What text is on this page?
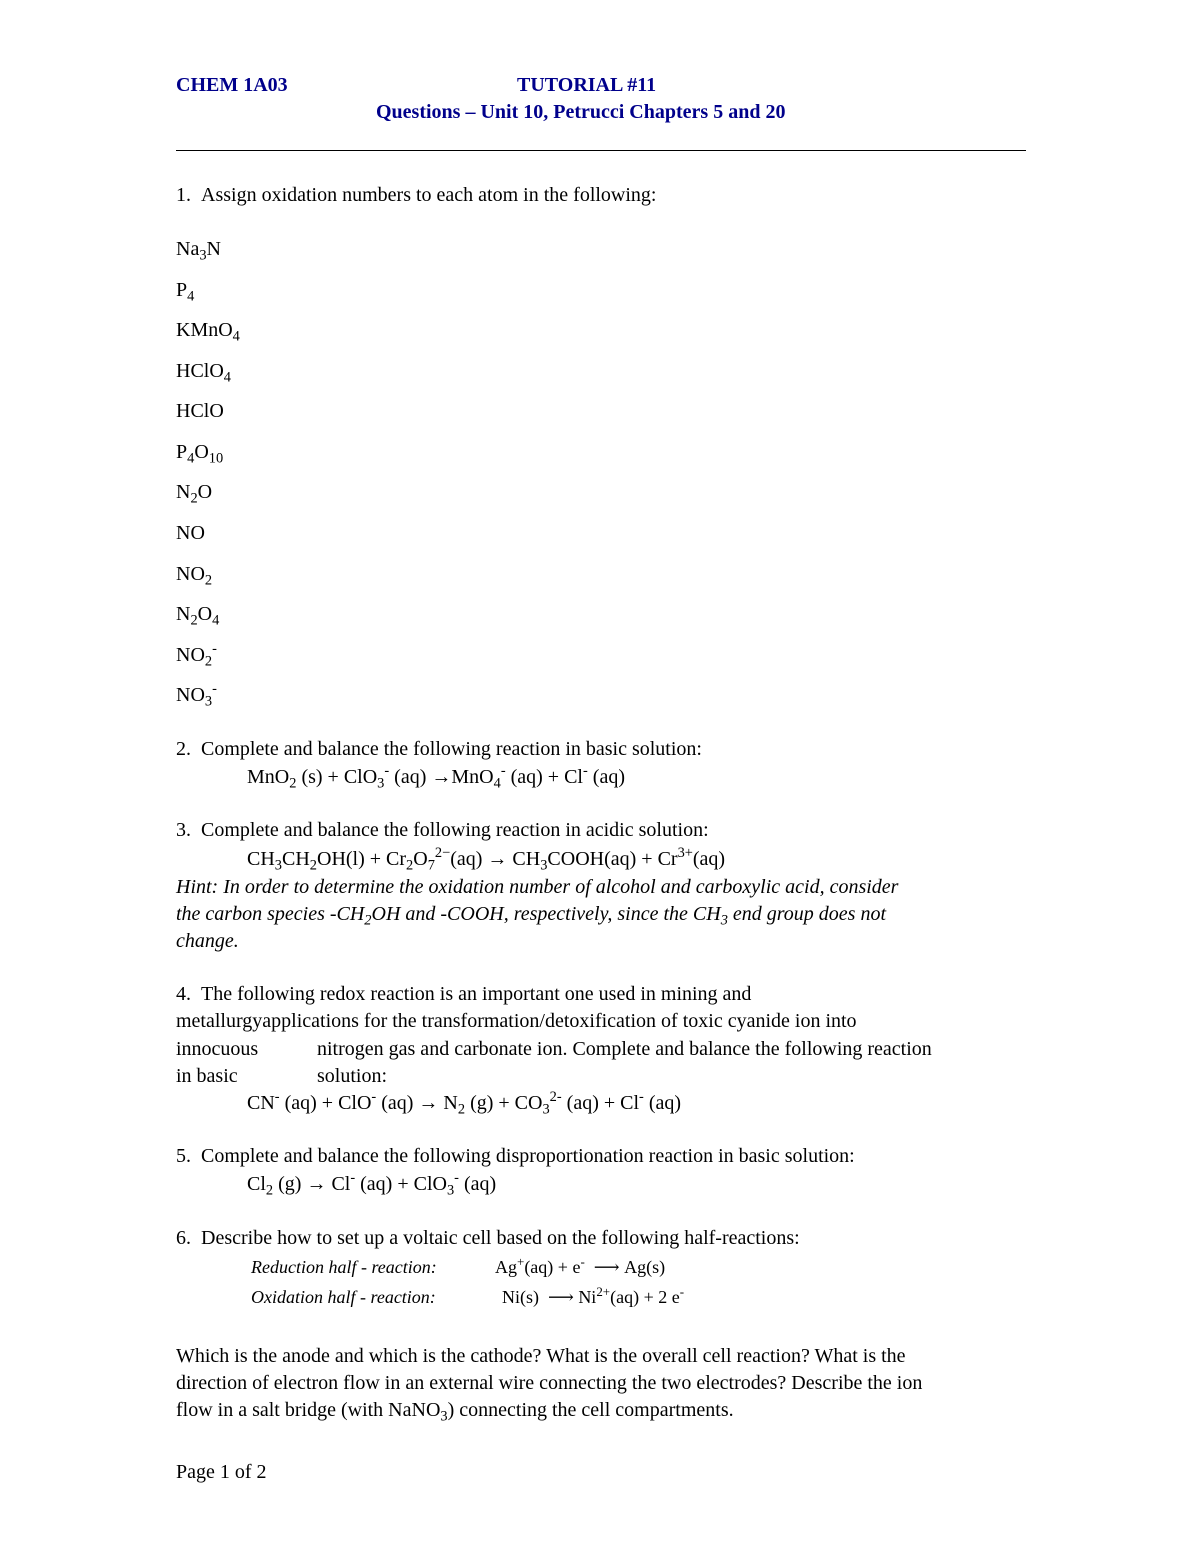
CHEM 1A03	TUTORIAL #11
Questions – Unit 10, Petrucci Chapters 5 and 20
1. Assign oxidation numbers to each atom in the following:
$Na_3N$
$P_4$
KMnO$_4$
HClO$_4$
HClO
$P_4O_{10}$
$N_2O$
NO
$NO_2$
$N_2O_4$
$NO_2^-$
$NO_3^-$
2. Complete and balance the following reaction in basic solution:
MnO$_2$ (s) + ClO$_3$- (aq) →MnO$_4$- (aq) + Cl- (aq)
3. Complete and balance the following reaction in acidic solution:
$CH_3CH_2OH(l) + Cr_2O_7^{2-}(aq)$ → $CH_3COOH(aq) + Cr^{3+}(aq)$
Hint: In order to determine the oxidation number of alcohol and carboxylic acid, consider
the carbon species $-CH_2OH$ and -COOH, respectively, since the $CH_3$ end group does not
change.
4. The following redox reaction is an important one used in mining and
metallurgyapplications for the transformation/detoxification of toxic cyanide ion into
innocuous	nitrogen gas and carbonate ion. Complete and balance the following reaction
in basic	solution:
CN- (aq) + ClO- $(aq) \to N_2$ $(g) + CO_3^{2-}$ (aq) + Cl- (aq)
5. Complete and balance the following disproportionation reaction in basic solution:
$Cl_2$ (g) → Cl- (aq) + ClO$_3$- (aq)
6. Describe how to set up a voltaic cell based on the following half-reactions:
Reduction half - reaction:	Ag+(aq) + e- ⟶ Ag(s)
Oxidation half - reaction:	Ni(s) ⟶ $Ni^{2+}(aq) + 2$ e-
Which is the anode and which is the cathode? What is the overall cell reaction? What is the
direction of electron flow in an external wire connecting the two electrodes? Describe the ion
flow in a salt bridge (with NaNO$_3$) connecting the cell compartments.
Page 1 of 2
